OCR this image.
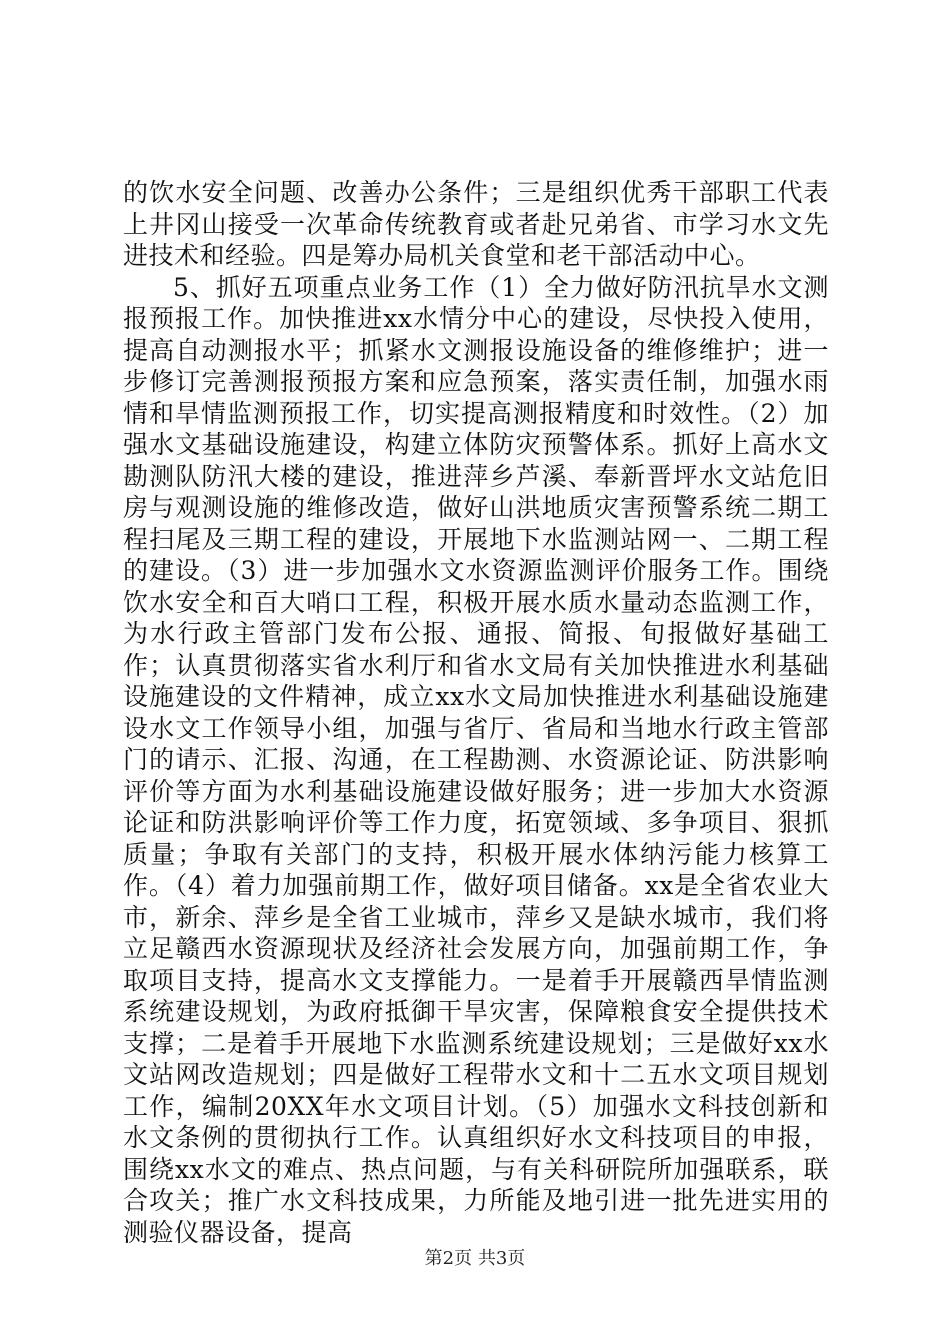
的饮水安全问题、改善办公条件；三是组织优秀干部职工代表上井冈山接受一次革命传统教育或者赴兄弟省、市学习水文先进技术和经验。四是筹办局机关食堂和老干部活动中心。

5、抓好五项重点业务工作（1）全力做好防汛抗旱水文测报预报工作。加快推进xx水情分中心的建设，尽快投入使用，提高自动测报水平；抓紧水文测报设施设备的维修维护；进一步修订完善测报预报方案和应急预案，落实责任制，加强水雨情和旱情监测预报工作，切实提高测报精度和时效性。（2）加强水文基础设施建设，构建立体防灾预警体系。抓好上高水文勘测队防汛大楼的建设，推进萍乡芦溪、奉新晋坪水文站危旧房与观测设施的维修改造，做好山洪地质灾害预警系统二期工程扫尾及三期工程的建设，开展地下水监测站网一、二期工程的建设。（3）进一步加强水文水资源监测评价服务工作。围绕饮水安全和百大哨口工程，积极开展水质水量动态监测工作，为水行政主管部门发布公报、通报、简报、旬报做好基础工作；认真贯彻落实省水利厅和省水文局有关加快推进水利基础设施建设的文件精神，成立xx水文局加快推进水利基础设施建设水文工作领导小组，加强与省厅、省局和当地水行政主管部门的请示、汇报、沟通，在工程勘测、水资源论证、防洪影响评价等方面为水利基础设施建设做好服务；进一步加大水资源论证和防洪影响评价等工作力度，拓宽领域、多争项目、狠抓质量；争取有关部门的支持，积极开展水体纳污能力核算工作。（4）着力加强前期工作，做好项目储备。xx是全省农业大市，新余、萍乡是全省工业城市，萍乡又是缺水城市，我们将立足赣西水资源现状及经济社会发展方向，加强前期工作，争取项目支持，提高水文支撑能力。一是着手开展赣西旱情监测系统建设规划，为政府抵御干旱灾害，保障粮食安全提供技术支撑；二是着手开展地下水监测系统建设规划；三是做好xx水文站网改造规划；四是做好工程带水文和十二五水文项目规划工作，编制20XX年水文项目计划。（5）加强水文科技创新和水文条例的贯彻执行工作。认真组织好水文科技项目的申报，围绕xx水文的难点、热点问题，与有关科研院所加强联系，联合攻关；推广水文科技成果，力所能及地引进一批先进实用的测验仪器设备，提高

第2页 共3页
